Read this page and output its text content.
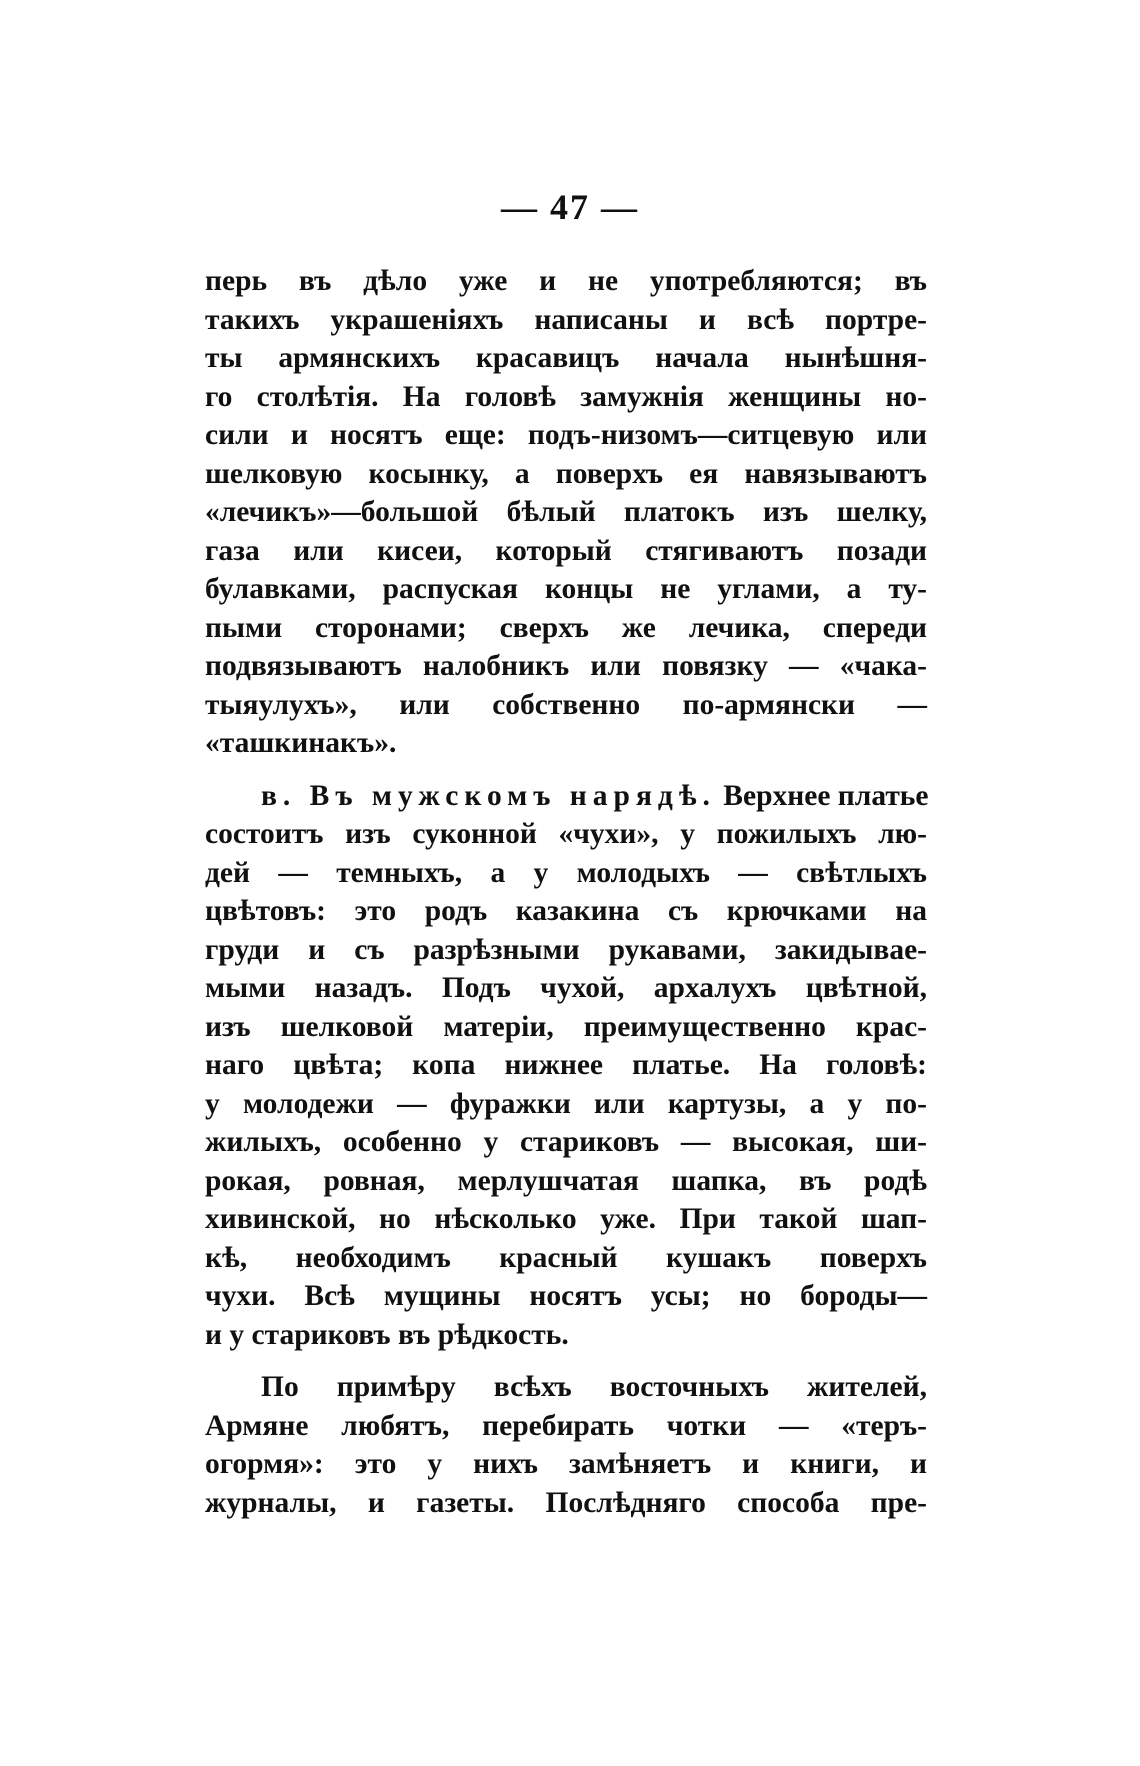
— 47 —
перь въ дѣло уже и не употребляются; въ
такихъ украшеніяхъ написаны и всѣ портре-
ты армянскихъ красавицъ начала нынѣшня-
го столѣтія. На головѣ замужнія женщины но-
сили и носятъ еще: подъ-низомъ—ситцевую или
шелковую косынку, а поверхъ ея навязываютъ
«лечикъ»—большой бѣлый платокъ изъ шелку,
газа или кисеи, который стягиваютъ позади
булавками, распуская концы не углами, а ту-
пыми сторонами; сверхъ же лечика, спереди
подвязываютъ налобникъ или повязку — «чака-
тыяулухъ», или собственно по-армянски —
«ташкинакъ».
в. Въ мужскомъ нарядѣ. Верхнее платье
состоитъ изъ суконной «чухи», у пожилыхъ лю-
дей — темныхъ, а у молодыхъ — свѣтлыхъ
цвѣтовъ: это родъ казакина съ крючками на
груди и съ разрѣзными рукавами, закидывае-
мыми назадъ. Подъ чухой, архалухъ цвѣтной,
изъ шелковой матеріи, преимущественно крас-
наго цвѣта; копа нижнее платье. На головѣ:
у молодежи — фуражки или картузы, а у по-
жилыхъ, особенно у стариковъ — высокая, ши-
рокая, ровная, мерлушчатая шапка, въ родѣ
хивинской, но нѣсколько уже. При такой шап-
кѣ, необходимъ красный кушакъ поверхъ
чухи. Всѣ мущины носятъ усы; но бороды—
и у стариковъ въ рѣдкость.
По примѣру всѣхъ восточныхъ жителей,
Армяне любятъ, перебирать чотки — «теръ-
огормя»: это у нихъ замѣняетъ и книги, и
журналы, и газеты. Послѣдняго способа пре-
